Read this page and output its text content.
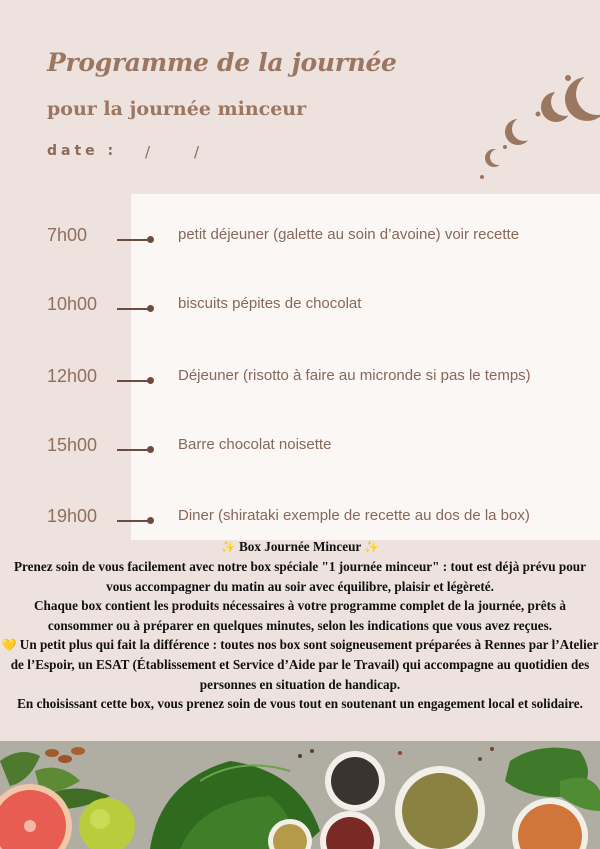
Programme de la journée
pour la journée minceur
date : /	/
7h00	petit déjeuner (galette au soin d’avoine) voir recette
10h00	biscuits pépites de chocolat
12h00	Déjeuner (risotto à faire au micronde si pas le temps)
15h00	Barre chocolat noisette
19h00	Diner (shirataki exemple de recette au dos de la box)

✨ Box Journée Minceur ✨

Prenez soin de vous facilement avec notre box spéciale "1 journée minceur" : tout est déjà prévu pour vous accompagner du matin au soir avec équilibre, plaisir et légèreté.

Chaque box contient les produits nécessaires à votre programme complet de la journée, prêts à consommer ou à préparer en quelques minutes, selon les indications que vous avez reçues.

💛 Un petit plus qui fait la différence : toutes nos box sont soigneusement préparées à Rennes par l’Atelier de l’Espoir, un ESAT (Établissement et Service d’Aide par le Travail) qui accompagne au quotidien des personnes en situation de handicap.

En choisissant cette box, vous prenez soin de vous tout en soutenant un engagement local et solidaire.
